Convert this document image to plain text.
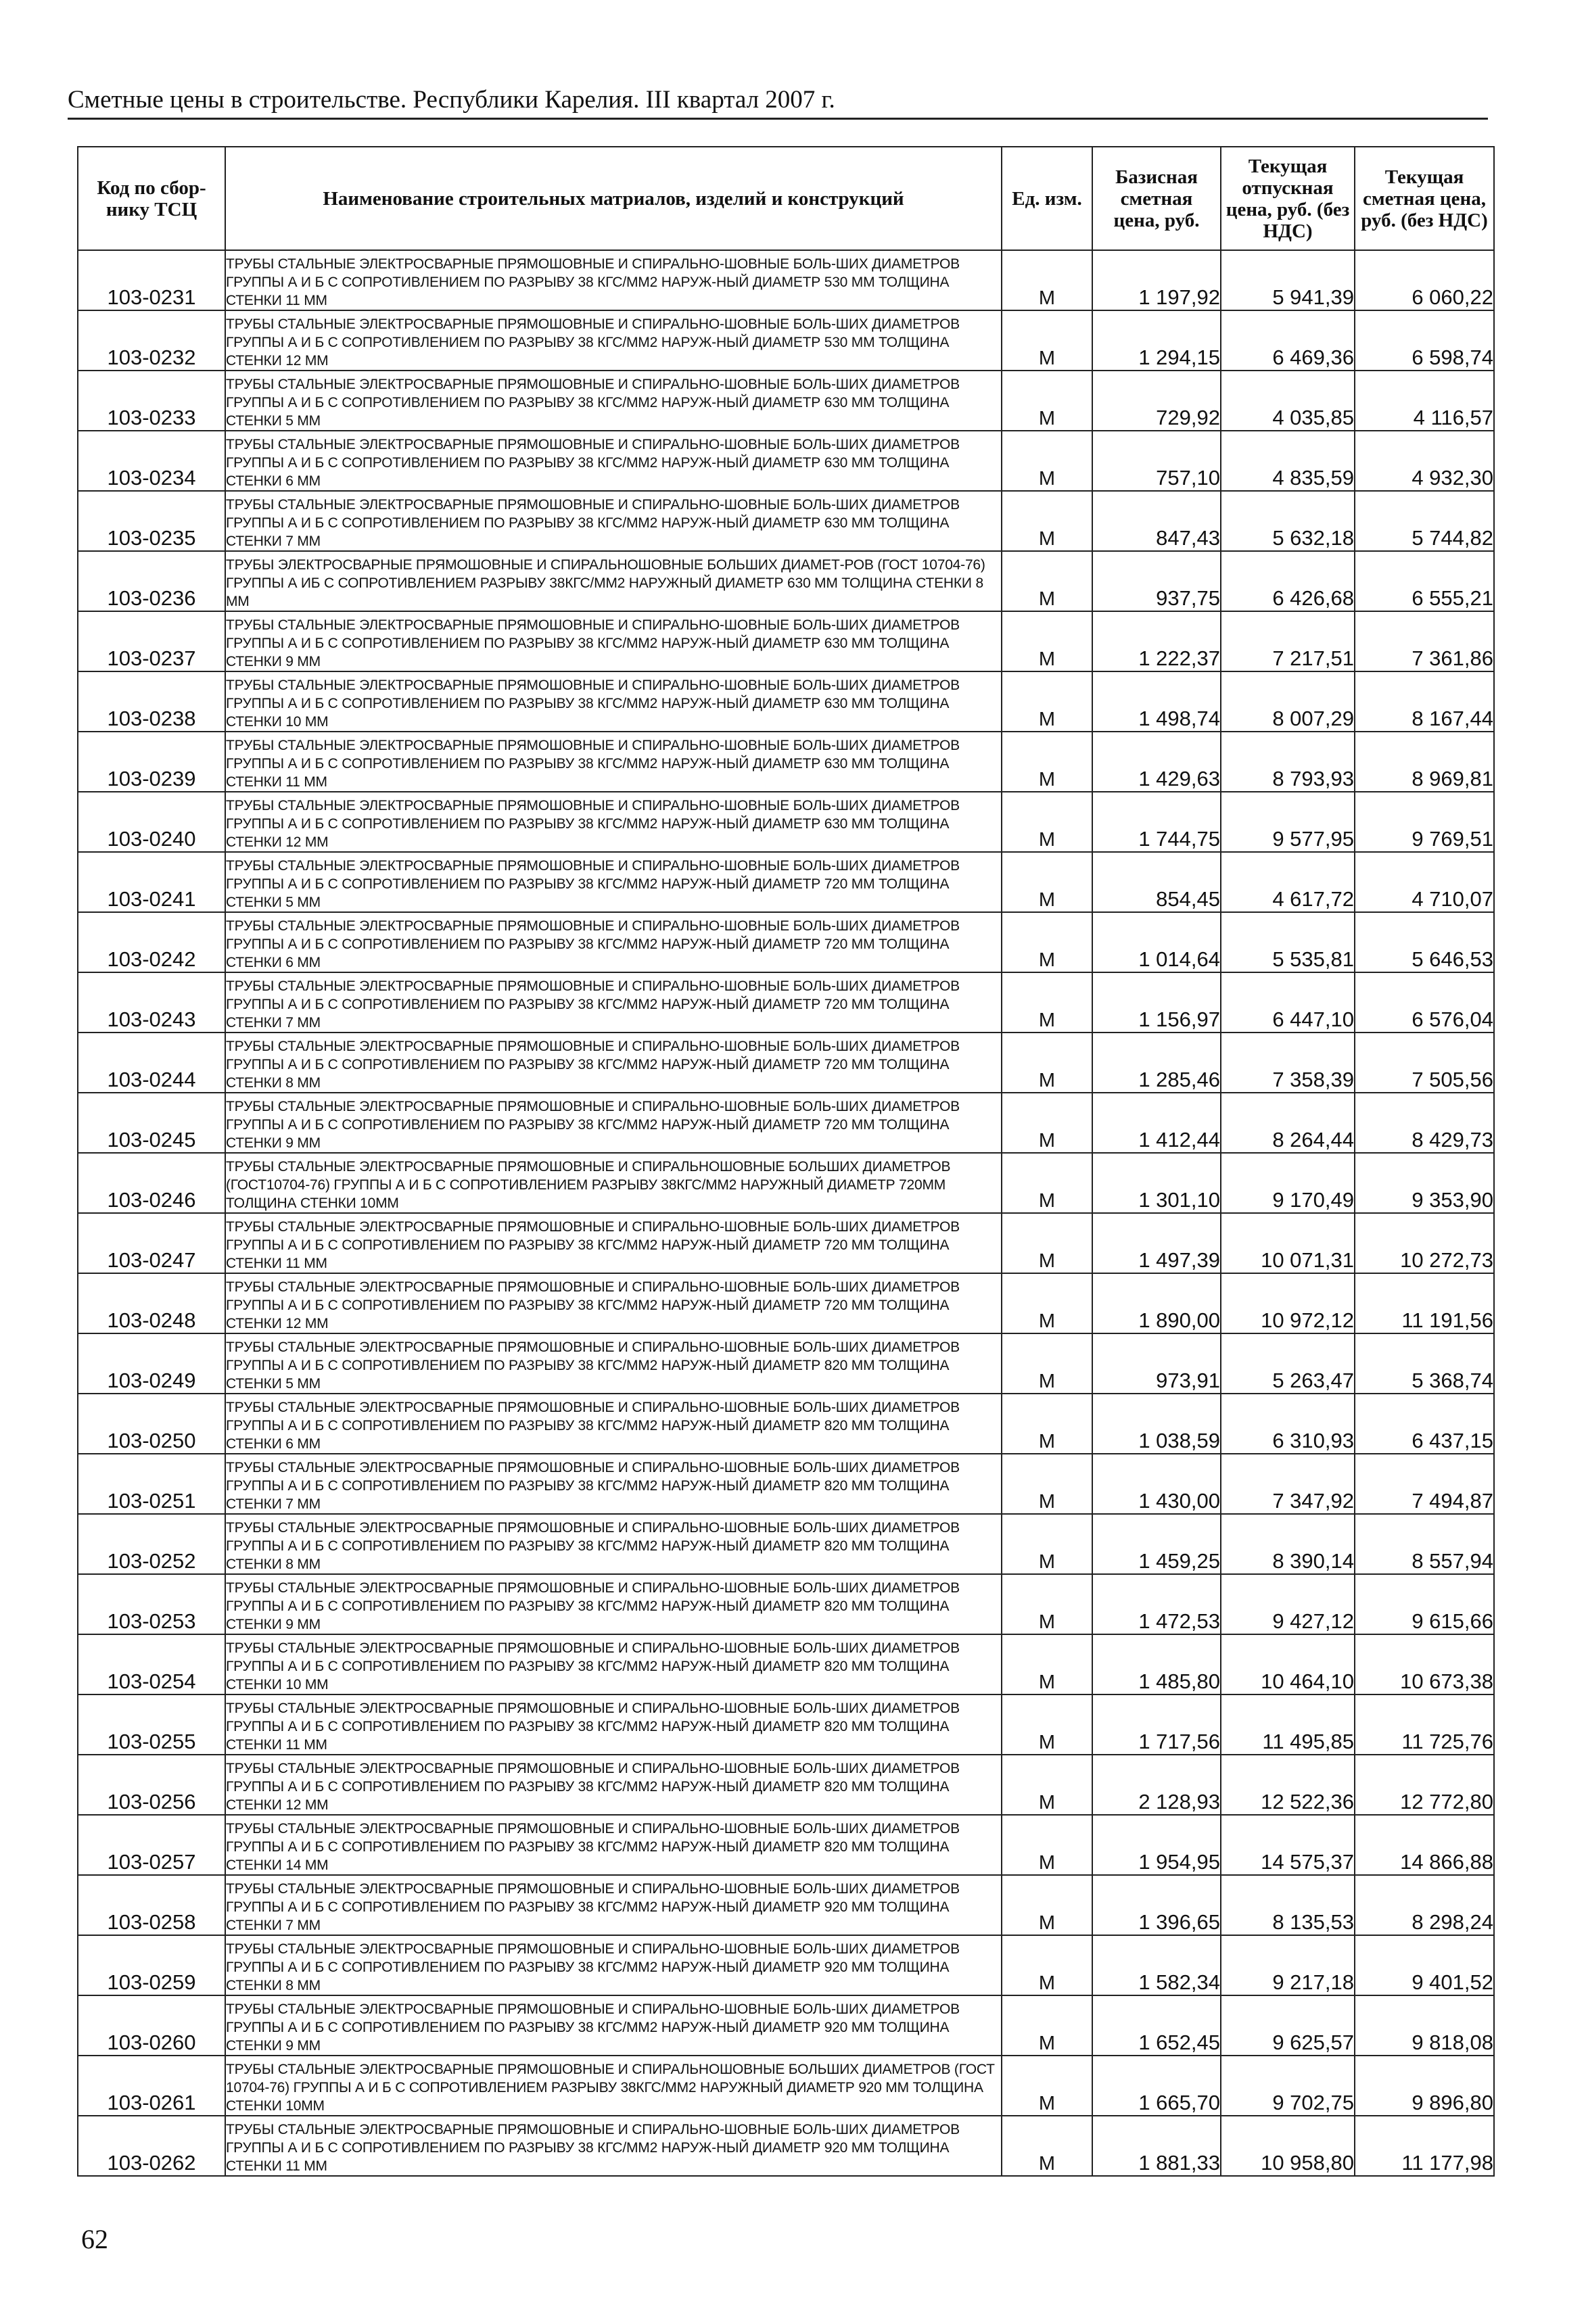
Сметные цены в строительстве. Республики Карелия. III квартал 2007 г.
Код по сбор-нику ТСЦ	Наименование строительных матриалов, изделий и конструкций	Ед. изм.	Базисная сметная цена, руб.	Текущая отпускная цена, руб. (без НДС)	Текущая сметная цена, руб. (без НДС)
103-0231	ТРУБЫ СТАЛЬНЫЕ ЭЛЕКТРОСВАРНЫЕ ПРЯМОШОВНЫЕ И СПИРАЛЬНО-ШОВНЫЕ БОЛЬ-ШИХ ДИАМЕТРОВ ГРУППЫ А И Б С СОПРОТИВЛЕНИЕМ ПО РАЗРЫВУ 38 КГС/ММ2 НАРУЖ-НЫЙ ДИАМЕТР 530 ММ ТОЛЩИНА СТЕНКИ 11 ММ	М	1 197,92	5 941,39	6 060,22
103-0232	ТРУБЫ СТАЛЬНЫЕ ЭЛЕКТРОСВАРНЫЕ ПРЯМОШОВНЫЕ И СПИРАЛЬНО-ШОВНЫЕ БОЛЬ-ШИХ ДИАМЕТРОВ ГРУППЫ А И Б С СОПРОТИВЛЕНИЕМ ПО РАЗРЫВУ 38 КГС/ММ2 НАРУЖ-НЫЙ ДИАМЕТР 530 ММ ТОЛЩИНА СТЕНКИ 12 ММ	М	1 294,15	6 469,36	6 598,74
103-0233	ТРУБЫ СТАЛЬНЫЕ ЭЛЕКТРОСВАРНЫЕ ПРЯМОШОВНЫЕ И СПИРАЛЬНО-ШОВНЫЕ БОЛЬ-ШИХ ДИАМЕТРОВ ГРУППЫ А И Б С СОПРОТИВЛЕНИЕМ ПО РАЗРЫВУ 38 КГС/ММ2 НАРУЖ-НЫЙ ДИАМЕТР 630 ММ ТОЛЩИНА СТЕНКИ 5 ММ	М	729,92	4 035,85	4 116,57
103-0234	ТРУБЫ СТАЛЬНЫЕ ЭЛЕКТРОСВАРНЫЕ ПРЯМОШОВНЫЕ И СПИРАЛЬНО-ШОВНЫЕ БОЛЬ-ШИХ ДИАМЕТРОВ ГРУППЫ А И Б С СОПРОТИВЛЕНИЕМ ПО РАЗРЫВУ 38 КГС/ММ2 НАРУЖ-НЫЙ ДИАМЕТР 630 ММ ТОЛЩИНА СТЕНКИ 6 ММ	М	757,10	4 835,59	4 932,30
103-0235	ТРУБЫ СТАЛЬНЫЕ ЭЛЕКТРОСВАРНЫЕ ПРЯМОШОВНЫЕ И СПИРАЛЬНО-ШОВНЫЕ БОЛЬ-ШИХ ДИАМЕТРОВ ГРУППЫ А И Б С СОПРОТИВЛЕНИЕМ ПО РАЗРЫВУ 38 КГС/ММ2 НАРУЖ-НЫЙ ДИАМЕТР 630 ММ ТОЛЩИНА СТЕНКИ 7 ММ	М	847,43	5 632,18	5 744,82
103-0236	ТРУБЫ ЭЛЕКТРОСВАРНЫЕ ПРЯМОШОВНЫЕ И СПИРАЛЬНОШОВНЫЕ БОЛЬШИХ ДИАМЕТ-РОВ (ГОСТ 10704-76) ГРУППЫ А ИБ С СОПРОТИВЛЕНИЕМ РАЗРЫВУ 38КГС/ММ2 НАРУЖНЫЙ ДИАМЕТР 630 ММ ТОЛЩИНА СТЕНКИ 8 ММ	М	937,75	6 426,68	6 555,21
103-0237	ТРУБЫ СТАЛЬНЫЕ ЭЛЕКТРОСВАРНЫЕ ПРЯМОШОВНЫЕ И СПИРАЛЬНО-ШОВНЫЕ БОЛЬ-ШИХ ДИАМЕТРОВ ГРУППЫ А И Б С СОПРОТИВЛЕНИЕМ ПО РАЗРЫВУ 38 КГС/ММ2 НАРУЖ-НЫЙ ДИАМЕТР 630 ММ ТОЛЩИНА СТЕНКИ 9 ММ	М	1 222,37	7 217,51	7 361,86
103-0238	ТРУБЫ СТАЛЬНЫЕ ЭЛЕКТРОСВАРНЫЕ ПРЯМОШОВНЫЕ И СПИРАЛЬНО-ШОВНЫЕ БОЛЬ-ШИХ ДИАМЕТРОВ ГРУППЫ А И Б С СОПРОТИВЛЕНИЕМ ПО РАЗРЫВУ 38 КГС/ММ2 НАРУЖ-НЫЙ ДИАМЕТР 630 ММ ТОЛЩИНА СТЕНКИ 10 ММ	М	1 498,74	8 007,29	8 167,44
103-0239	ТРУБЫ СТАЛЬНЫЕ ЭЛЕКТРОСВАРНЫЕ ПРЯМОШОВНЫЕ И СПИРАЛЬНО-ШОВНЫЕ БОЛЬ-ШИХ ДИАМЕТРОВ ГРУППЫ А И Б С СОПРОТИВЛЕНИЕМ ПО РАЗРЫВУ 38 КГС/ММ2 НАРУЖ-НЫЙ ДИАМЕТР 630 ММ ТОЛЩИНА СТЕНКИ 11 ММ	М	1 429,63	8 793,93	8 969,81
103-0240	ТРУБЫ СТАЛЬНЫЕ ЭЛЕКТРОСВАРНЫЕ ПРЯМОШОВНЫЕ И СПИРАЛЬНО-ШОВНЫЕ БОЛЬ-ШИХ ДИАМЕТРОВ ГРУППЫ А И Б С СОПРОТИВЛЕНИЕМ ПО РАЗРЫВУ 38 КГС/ММ2 НАРУЖ-НЫЙ ДИАМЕТР 630 ММ ТОЛЩИНА СТЕНКИ 12 ММ	М	1 744,75	9 577,95	9 769,51
103-0241	ТРУБЫ СТАЛЬНЫЕ ЭЛЕКТРОСВАРНЫЕ ПРЯМОШОВНЫЕ И СПИРАЛЬНО-ШОВНЫЕ БОЛЬ-ШИХ ДИАМЕТРОВ ГРУППЫ А И Б С СОПРОТИВЛЕНИЕМ ПО РАЗРЫВУ 38 КГС/ММ2 НАРУЖ-НЫЙ ДИАМЕТР 720 ММ ТОЛЩИНА СТЕНКИ 5 ММ	М	854,45	4 617,72	4 710,07
103-0242	ТРУБЫ СТАЛЬНЫЕ ЭЛЕКТРОСВАРНЫЕ ПРЯМОШОВНЫЕ И СПИРАЛЬНО-ШОВНЫЕ БОЛЬ-ШИХ ДИАМЕТРОВ ГРУППЫ А И Б С СОПРОТИВЛЕНИЕМ ПО РАЗРЫВУ 38 КГС/ММ2 НАРУЖ-НЫЙ ДИАМЕТР 720 ММ ТОЛЩИНА СТЕНКИ 6 ММ	М	1 014,64	5 535,81	5 646,53
103-0243	ТРУБЫ СТАЛЬНЫЕ ЭЛЕКТРОСВАРНЫЕ ПРЯМОШОВНЫЕ И СПИРАЛЬНО-ШОВНЫЕ БОЛЬ-ШИХ ДИАМЕТРОВ ГРУППЫ А И Б С СОПРОТИВЛЕНИЕМ ПО РАЗРЫВУ 38 КГС/ММ2 НАРУЖ-НЫЙ ДИАМЕТР 720 ММ ТОЛЩИНА СТЕНКИ 7 ММ	М	1 156,97	6 447,10	6 576,04
103-0244	ТРУБЫ СТАЛЬНЫЕ ЭЛЕКТРОСВАРНЫЕ ПРЯМОШОВНЫЕ И СПИРАЛЬНО-ШОВНЫЕ БОЛЬ-ШИХ ДИАМЕТРОВ ГРУППЫ А И Б С СОПРОТИВЛЕНИЕМ ПО РАЗРЫВУ 38 КГС/ММ2 НАРУЖ-НЫЙ ДИАМЕТР 720 ММ ТОЛЩИНА СТЕНКИ 8 ММ	М	1 285,46	7 358,39	7 505,56
103-0245	ТРУБЫ СТАЛЬНЫЕ ЭЛЕКТРОСВАРНЫЕ ПРЯМОШОВНЫЕ И СПИРАЛЬНО-ШОВНЫЕ БОЛЬ-ШИХ ДИАМЕТРОВ ГРУППЫ А И Б С СОПРОТИВЛЕНИЕМ ПО РАЗРЫВУ 38 КГС/ММ2 НАРУЖ-НЫЙ ДИАМЕТР 720 ММ ТОЛЩИНА СТЕНКИ 9 ММ	М	1 412,44	8 264,44	8 429,73
103-0246	ТРУБЫ СТАЛЬНЫЕ ЭЛЕКТРОСВАРНЫЕ ПРЯМОШОВНЫЕ И СПИРАЛЬНОШОВНЫЕ БОЛЬШИХ ДИАМЕТРОВ (ГОСТ10704-76) ГРУППЫ А И Б С СОПРОТИВЛЕНИЕМ РАЗРЫВУ 38КГС/ММ2 НАРУЖНЫЙ ДИАМЕТР 720ММ ТОЛЩИНА СТЕНКИ 10ММ	М	1 301,10	9 170,49	9 353,90
103-0247	ТРУБЫ СТАЛЬНЫЕ ЭЛЕКТРОСВАРНЫЕ ПРЯМОШОВНЫЕ И СПИРАЛЬНО-ШОВНЫЕ БОЛЬ-ШИХ ДИАМЕТРОВ ГРУППЫ А И Б С СОПРОТИВЛЕНИЕМ ПО РАЗРЫВУ 38 КГС/ММ2 НАРУЖ-НЫЙ ДИАМЕТР 720 ММ ТОЛЩИНА СТЕНКИ 11 ММ	М	1 497,39	10 071,31	10 272,73
103-0248	ТРУБЫ СТАЛЬНЫЕ ЭЛЕКТРОСВАРНЫЕ ПРЯМОШОВНЫЕ И СПИРАЛЬНО-ШОВНЫЕ БОЛЬ-ШИХ ДИАМЕТРОВ ГРУППЫ А И Б С СОПРОТИВЛЕНИЕМ ПО РАЗРЫВУ 38 КГС/ММ2 НАРУЖ-НЫЙ ДИАМЕТР 720 ММ ТОЛЩИНА СТЕНКИ 12 ММ	М	1 890,00	10 972,12	11 191,56
103-0249	ТРУБЫ СТАЛЬНЫЕ ЭЛЕКТРОСВАРНЫЕ ПРЯМОШОВНЫЕ И СПИРАЛЬНО-ШОВНЫЕ БОЛЬ-ШИХ ДИАМЕТРОВ ГРУППЫ А И Б С СОПРОТИВЛЕНИЕМ ПО РАЗРЫВУ 38 КГС/ММ2 НАРУЖ-НЫЙ ДИАМЕТР 820 ММ ТОЛЩИНА СТЕНКИ 5 ММ	М	973,91	5 263,47	5 368,74
103-0250	ТРУБЫ СТАЛЬНЫЕ ЭЛЕКТРОСВАРНЫЕ ПРЯМОШОВНЫЕ И СПИРАЛЬНО-ШОВНЫЕ БОЛЬ-ШИХ ДИАМЕТРОВ ГРУППЫ А И Б С СОПРОТИВЛЕНИЕМ ПО РАЗРЫВУ 38 КГС/ММ2 НАРУЖ-НЫЙ ДИАМЕТР 820 ММ ТОЛЩИНА СТЕНКИ 6 ММ	М	1 038,59	6 310,93	6 437,15
103-0251	ТРУБЫ СТАЛЬНЫЕ ЭЛЕКТРОСВАРНЫЕ ПРЯМОШОВНЫЕ И СПИРАЛЬНО-ШОВНЫЕ БОЛЬ-ШИХ ДИАМЕТРОВ ГРУППЫ А И Б С СОПРОТИВЛЕНИЕМ ПО РАЗРЫВУ 38 КГС/ММ2 НАРУЖ-НЫЙ ДИАМЕТР 820 ММ ТОЛЩИНА СТЕНКИ 7 ММ	М	1 430,00	7 347,92	7 494,87
103-0252	ТРУБЫ СТАЛЬНЫЕ ЭЛЕКТРОСВАРНЫЕ ПРЯМОШОВНЫЕ И СПИРАЛЬНО-ШОВНЫЕ БОЛЬ-ШИХ ДИАМЕТРОВ ГРУППЫ А И Б С СОПРОТИВЛЕНИЕМ ПО РАЗРЫВУ 38 КГС/ММ2 НАРУЖ-НЫЙ ДИАМЕТР 820 ММ ТОЛЩИНА СТЕНКИ 8 ММ	М	1 459,25	8 390,14	8 557,94
103-0253	ТРУБЫ СТАЛЬНЫЕ ЭЛЕКТРОСВАРНЫЕ ПРЯМОШОВНЫЕ И СПИРАЛЬНО-ШОВНЫЕ БОЛЬ-ШИХ ДИАМЕТРОВ ГРУППЫ А И Б С СОПРОТИВЛЕНИЕМ ПО РАЗРЫВУ 38 КГС/ММ2 НАРУЖ-НЫЙ ДИАМЕТР 820 ММ ТОЛЩИНА СТЕНКИ 9 ММ	М	1 472,53	9 427,12	9 615,66
103-0254	ТРУБЫ СТАЛЬНЫЕ ЭЛЕКТРОСВАРНЫЕ ПРЯМОШОВНЫЕ И СПИРАЛЬНО-ШОВНЫЕ БОЛЬ-ШИХ ДИАМЕТРОВ ГРУППЫ А И Б С СОПРОТИВЛЕНИЕМ ПО РАЗРЫВУ 38 КГС/ММ2 НАРУЖ-НЫЙ ДИАМЕТР 820 ММ ТОЛЩИНА СТЕНКИ 10 ММ	М	1 485,80	10 464,10	10 673,38
103-0255	ТРУБЫ СТАЛЬНЫЕ ЭЛЕКТРОСВАРНЫЕ ПРЯМОШОВНЫЕ И СПИРАЛЬНО-ШОВНЫЕ БОЛЬ-ШИХ ДИАМЕТРОВ ГРУППЫ А И Б С СОПРОТИВЛЕНИЕМ ПО РАЗРЫВУ 38 КГС/ММ2 НАРУЖ-НЫЙ ДИАМЕТР 820 ММ ТОЛЩИНА СТЕНКИ 11 ММ	М	1 717,56	11 495,85	11 725,76
103-0256	ТРУБЫ СТАЛЬНЫЕ ЭЛЕКТРОСВАРНЫЕ ПРЯМОШОВНЫЕ И СПИРАЛЬНО-ШОВНЫЕ БОЛЬ-ШИХ ДИАМЕТРОВ ГРУППЫ А И Б С СОПРОТИВЛЕНИЕМ ПО РАЗРЫВУ 38 КГС/ММ2 НАРУЖ-НЫЙ ДИАМЕТР 820 ММ ТОЛЩИНА СТЕНКИ 12 ММ	М	2 128,93	12 522,36	12 772,80
103-0257	ТРУБЫ СТАЛЬНЫЕ ЭЛЕКТРОСВАРНЫЕ ПРЯМОШОВНЫЕ И СПИРАЛЬНО-ШОВНЫЕ БОЛЬ-ШИХ ДИАМЕТРОВ ГРУППЫ А И Б С СОПРОТИВЛЕНИЕМ ПО РАЗРЫВУ 38 КГС/ММ2 НАРУЖ-НЫЙ ДИАМЕТР 820 ММ ТОЛЩИНА СТЕНКИ 14 ММ	М	1 954,95	14 575,37	14 866,88
103-0258	ТРУБЫ СТАЛЬНЫЕ ЭЛЕКТРОСВАРНЫЕ ПРЯМОШОВНЫЕ И СПИРАЛЬНО-ШОВНЫЕ БОЛЬ-ШИХ ДИАМЕТРОВ ГРУППЫ А И Б С СОПРОТИВЛЕНИЕМ ПО РАЗРЫВУ 38 КГС/ММ2 НАРУЖ-НЫЙ ДИАМЕТР 920 ММ ТОЛЩИНА СТЕНКИ 7 ММ	М	1 396,65	8 135,53	8 298,24
103-0259	ТРУБЫ СТАЛЬНЫЕ ЭЛЕКТРОСВАРНЫЕ ПРЯМОШОВНЫЕ И СПИРАЛЬНО-ШОВНЫЕ БОЛЬ-ШИХ ДИАМЕТРОВ ГРУППЫ А И Б С СОПРОТИВЛЕНИЕМ ПО РАЗРЫВУ 38 КГС/ММ2 НАРУЖ-НЫЙ ДИАМЕТР 920 ММ ТОЛЩИНА СТЕНКИ 8 ММ	М	1 582,34	9 217,18	9 401,52
103-0260	ТРУБЫ СТАЛЬНЫЕ ЭЛЕКТРОСВАРНЫЕ ПРЯМОШОВНЫЕ И СПИРАЛЬНО-ШОВНЫЕ БОЛЬ-ШИХ ДИАМЕТРОВ ГРУППЫ А И Б С СОПРОТИВЛЕНИЕМ ПО РАЗРЫВУ 38 КГС/ММ2 НАРУЖ-НЫЙ ДИАМЕТР 920 ММ ТОЛЩИНА СТЕНКИ 9 ММ	М	1 652,45	9 625,57	9 818,08
103-0261	ТРУБЫ СТАЛЬНЫЕ ЭЛЕКТРОСВАРНЫЕ ПРЯМОШОВНЫЕ И СПИРАЛЬНОШОВНЫЕ БОЛЬШИХ ДИАМЕТРОВ (ГОСТ 10704-76) ГРУППЫ А И Б С СОПРОТИВЛЕНИЕМ РАЗРЫВУ 38КГС/ММ2 НАРУЖНЫЙ ДИАМЕТР 920 ММ ТОЛЩИНА СТЕНКИ 10ММ	М	1 665,70	9 702,75	9 896,80
103-0262	ТРУБЫ СТАЛЬНЫЕ ЭЛЕКТРОСВАРНЫЕ ПРЯМОШОВНЫЕ И СПИРАЛЬНО-ШОВНЫЕ БОЛЬ-ШИХ ДИАМЕТРОВ ГРУППЫ А И Б С СОПРОТИВЛЕНИЕМ ПО РАЗРЫВУ 38 КГС/ММ2 НАРУЖ-НЫЙ ДИАМЕТР 920 ММ ТОЛЩИНА СТЕНКИ 11 ММ	М	1 881,33	10 958,80	11 177,98
62
